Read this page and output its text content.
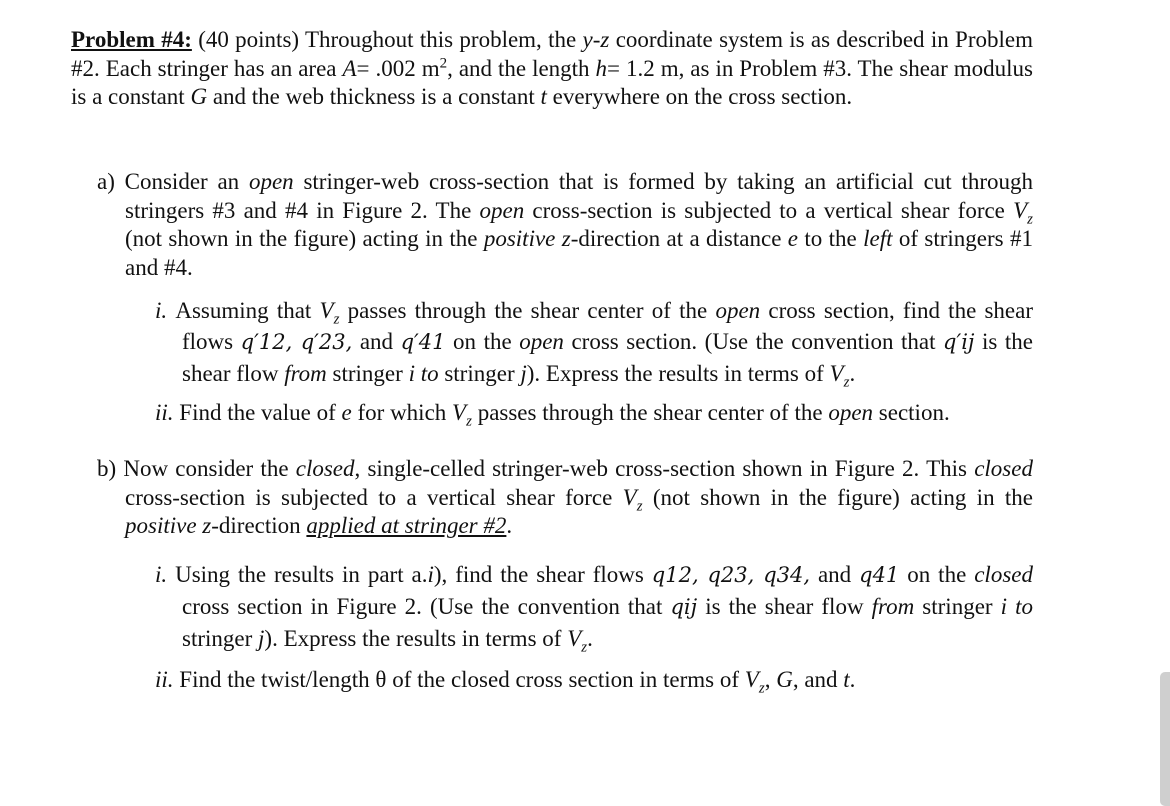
Problem #4: (40 points) Throughout this problem, the y-z coordinate system is as described in Problem #2. Each stringer has an area A= .002 $m^2$, and the length h= 1.2 m, as in Problem #3. The shear modulus is a constant G and the web thickness is a constant t everywhere on the cross section.

a) Consider an open stringer-web cross-section that is formed by taking an artificial cut through stringers #3 and #4 in Figure 2. The open cross-section is subjected to a vertical shear force $V_z$ (not shown in the figure) acting in the positive z-direction at a distance e to the left of stringers #1 and #4.

i. Assuming that $V_z$ passes through the shear center of the open cross section, find the shear flows q′12, q′23, and q′41 on the open cross section. (Use the convention that q′ij is the shear flow from stringer i to stringer j). Express the results in terms of $V_z$.

ii. Find the value of e for which $V_z$ passes through the shear center of the open section.

b) Now consider the closed, single-celled stringer-web cross-section shown in Figure 2. This closed cross-section is subjected to a vertical shear force $V_z$ (not shown in the figure) acting in the positive z-direction applied at stringer #2.

i. Using the results in part a.i), find the shear flows q12, q23, q34, and q41 on the closed cross section in Figure 2. (Use the convention that qij is the shear flow from stringer i to stringer j). Express the results in terms of $V_z$.

ii. Find the twist/length θ of the closed cross section in terms of $V_z$, G, and t.
